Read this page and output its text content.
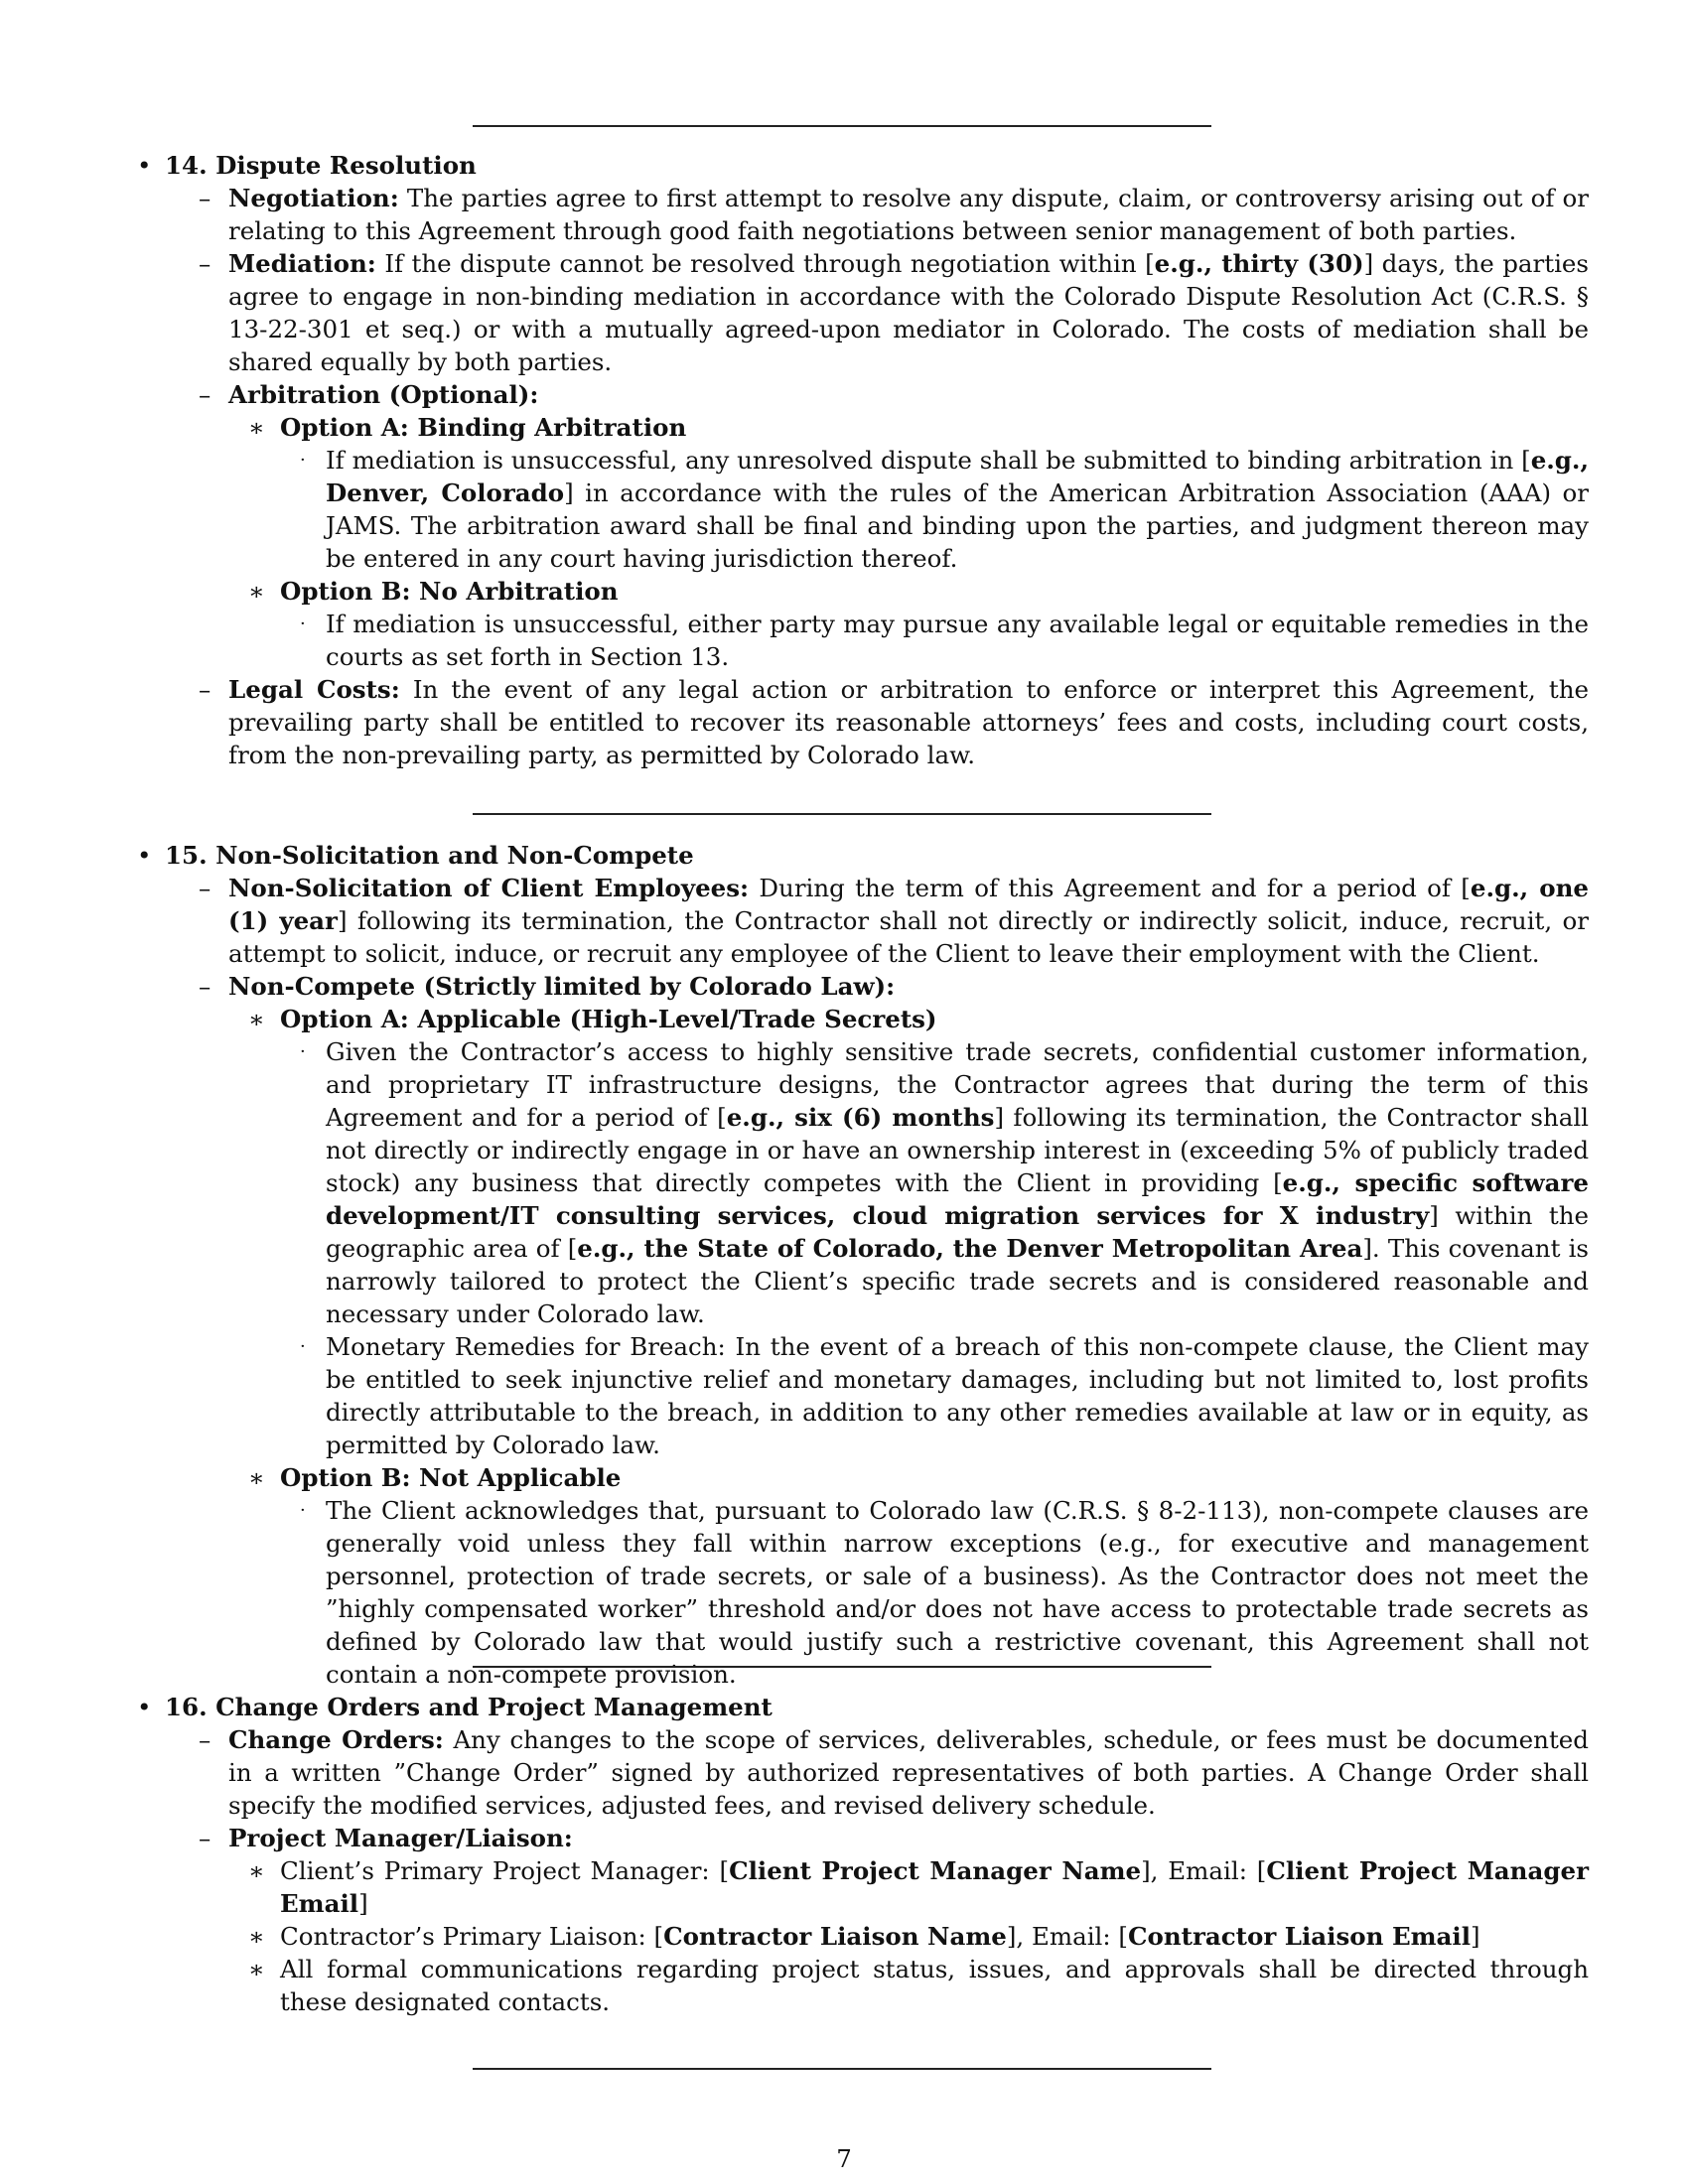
• 14. Dispute Resolution
– Negotiation: The parties agree to first attempt to resolve any dispute, claim, or controversy arising out of or relating to this Agreement through good faith negotiations between senior management of both parties.
– Mediation: If the dispute cannot be resolved through negotiation within [e.g., thirty (30)] days, the parties agree to engage in non-binding mediation in accordance with the Colorado Dispute Resolution Act (C.R.S. § 13-22-301 et seq.) or with a mutually agreed-upon mediator in Colorado. The costs of mediation shall be shared equally by both parties.
– Arbitration (Optional):
∗ Option A: Binding Arbitration
· If mediation is unsuccessful, any unresolved dispute shall be submitted to binding arbitration in [e.g., Denver, Colorado] in accordance with the rules of the American Arbitration Association (AAA) or JAMS. The arbitration award shall be final and binding upon the parties, and judgment thereon may be entered in any court having jurisdiction thereof.
∗ Option B: No Arbitration
· If mediation is unsuccessful, either party may pursue any available legal or equitable remedies in the courts as set forth in Section 13.
– Legal Costs: In the event of any legal action or arbitration to enforce or interpret this Agreement, the prevailing party shall be entitled to recover its reasonable attorneys’ fees and costs, including court costs, from the non-prevailing party, as permitted by Colorado law.
• 15. Non-Solicitation and Non-Compete
– Non-Solicitation of Client Employees: During the term of this Agreement and for a period of [e.g., one (1) year] following its termination, the Contractor shall not directly or indirectly solicit, induce, recruit, or attempt to solicit, induce, or recruit any employee of the Client to leave their employment with the Client.
– Non-Compete (Strictly limited by Colorado Law):
∗ Option A: Applicable (High-Level/Trade Secrets)
· Given the Contractor’s access to highly sensitive trade secrets, confidential customer information, and proprietary IT infrastructure designs, the Contractor agrees that during the term of this Agreement and for a period of [e.g., six (6) months] following its termination, the Contractor shall not directly or indirectly engage in or have an ownership interest in (exceeding 5% of publicly traded stock) any business that directly competes with the Client in providing [e.g., specific software development/IT consulting services, cloud migration services for X industry] within the geographic area of [e.g., the State of Colorado, the Denver Metropolitan Area]. This covenant is narrowly tailored to protect the Client’s specific trade secrets and is considered reasonable and necessary under Colorado law.
· Monetary Remedies for Breach: In the event of a breach of this non-compete clause, the Client may be entitled to seek injunctive relief and monetary damages, including but not limited to, lost profits directly attributable to the breach, in addition to any other remedies available at law or in equity, as permitted by Colorado law.
∗ Option B: Not Applicable
· The Client acknowledges that, pursuant to Colorado law (C.R.S. § 8-2-113), non-compete clauses are generally void unless they fall within narrow exceptions (e.g., for executive and management personnel, protection of trade secrets, or sale of a business). As the Contractor does not meet the ”highly compensated worker” threshold and/or does not have access to protectable trade secrets as defined by Colorado law that would justify such a restrictive covenant, this Agreement shall not contain a non-compete provision.
• 16. Change Orders and Project Management
– Change Orders: Any changes to the scope of services, deliverables, schedule, or fees must be documented in a written ”Change Order” signed by authorized representatives of both parties. A Change Order shall specify the modified services, adjusted fees, and revised delivery schedule.
– Project Manager/Liaison:
∗ Client’s Primary Project Manager: [Client Project Manager Name], Email: [Client Project Manager Email]
∗ Contractor’s Primary Liaison: [Contractor Liaison Name], Email: [Contractor Liaison Email]
∗ All formal communications regarding project status, issues, and approvals shall be directed through these designated contacts.
7
